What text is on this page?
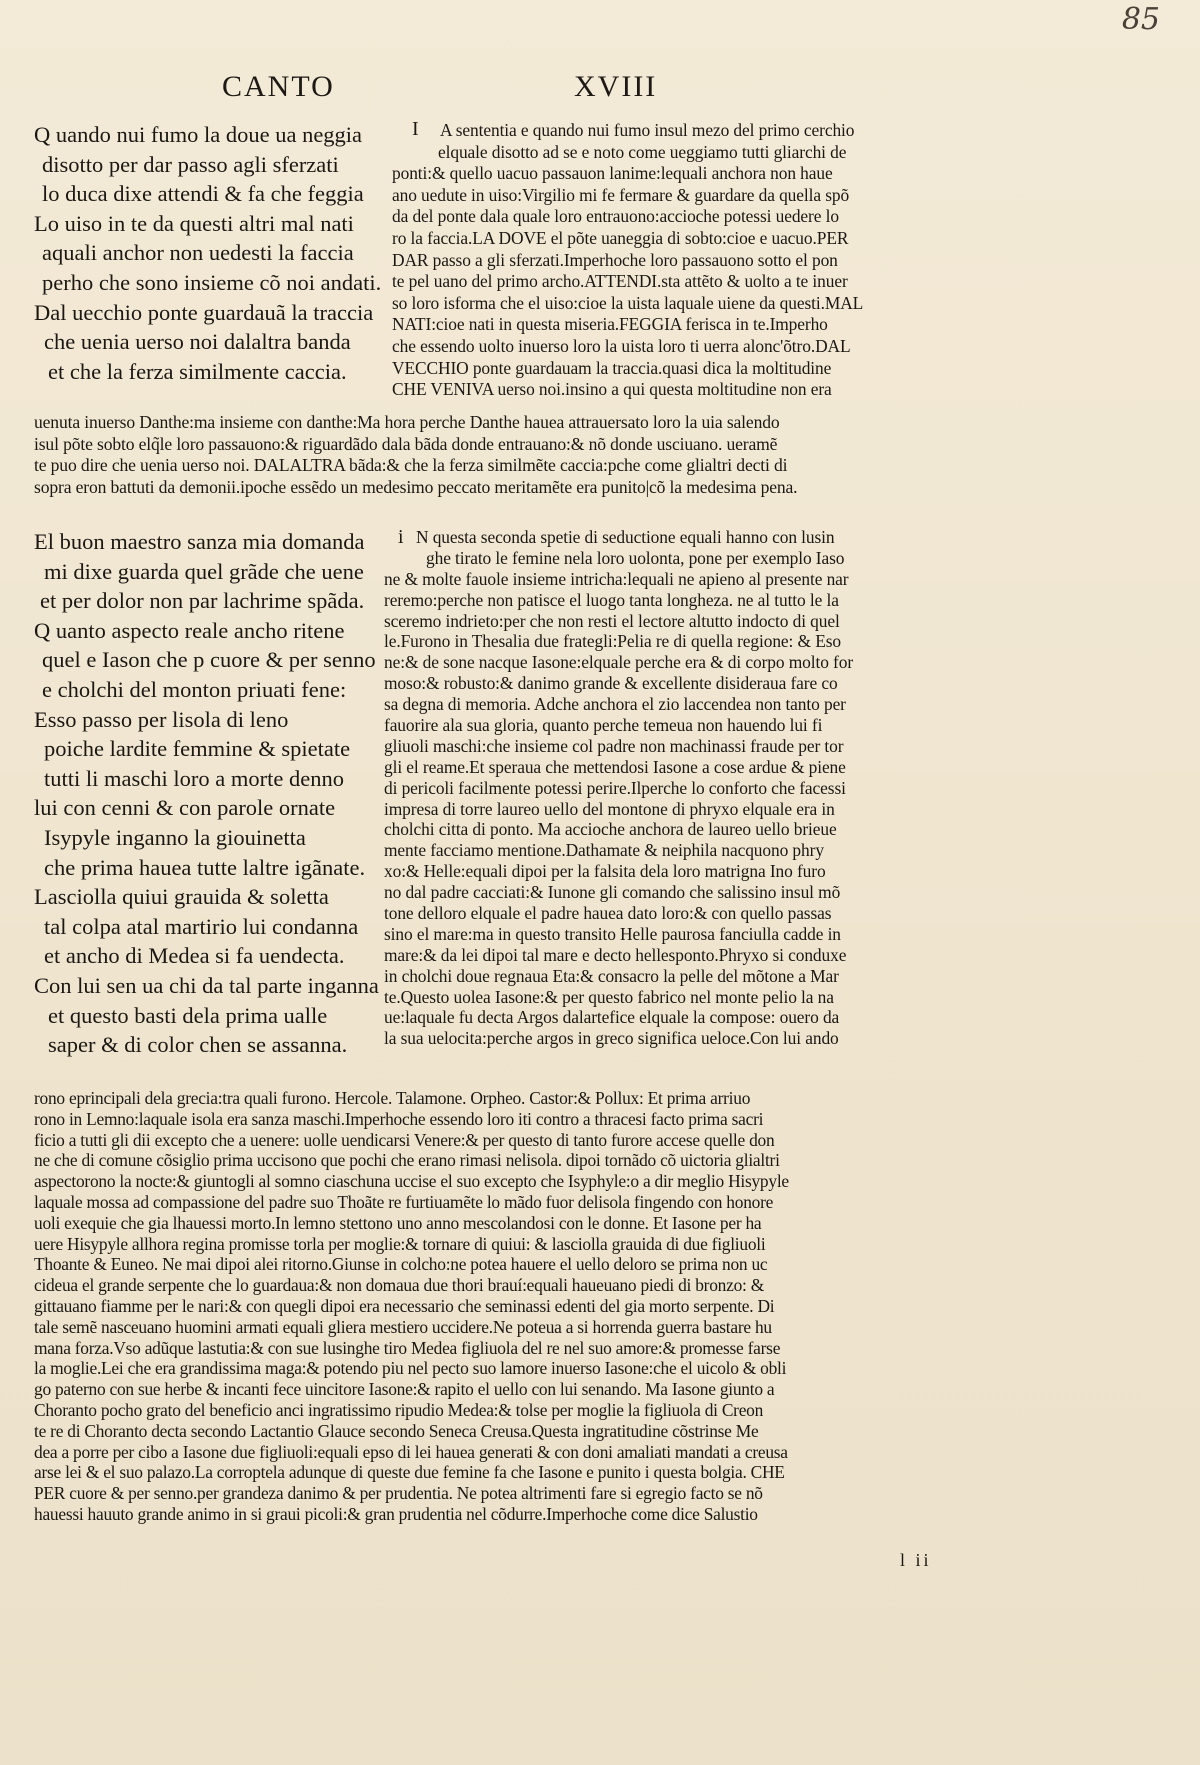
85
CANTO	XVIII
I
Q uando nui fumo la doue ua neggia
disotto per dar passo agli sferzati
lo duca dixe attendi & fa che feggia
Lo uiso in te da questi altri mal nati
aquali anchor non uedesti la faccia
perho che sono insieme cõ noi andati.
Dal uecchio ponte guardauã la traccia
che uenia uerso noi dalaltra banda
et che la ferza similmente caccia.
A sententia e quando nui fumo insul mezo del primo cerchio
elquale disotto ad se e noto come ueggiamo tutti gliarchi de
ponti:& quello uacuo passauon lanime:lequali anchora non haue
ano uedute in uiso:Virgilio mi fe fermare & guardare da quella spõ
da del ponte dala quale loro entrauono:accioche potessi uedere lo
ro la faccia.LA DOVE el põte uaneggia di sobto:cioe e uacuo.PER
DAR passo a gli sferzati.Imperhoche loro passauono sotto el pon
te pel uano del primo archo.ATTENDI.sta attẽto & uolto a te inuer
so loro isforma che el uiso:cioe la uista laquale uiene da questi.MAL
NATI:cioe nati in questa miseria.FEGGIA ferisca in te.Imperho
che essendo uolto inuerso loro la uista loro ti uerra alonc'õtro.DAL
VECCHIO ponte guardauam la traccia.quasi dica la moltitudine
CHE VENIVA uerso noi.insino a qui questa moltitudine non era
uenuta inuerso Danthe:ma insieme con danthe:Ma hora perche Danthe hauea attrauersato loro la uia salendo
isul põte sobto elq̃le loro passauono:& riguardãdo dala bãda donde entrauano:& nõ donde usciuano. ueramẽ
te puo dire che uenia uerso noi. DALALTRA bãda:& che la ferza similmẽte caccia:pche come glialtri decti di
sopra eron battuti da demonii.ipoche essẽdo un medesimo peccato meritamẽte era punito|cõ la medesima pena.
i
El buon maestro sanza mia domanda
mi dixe guarda quel grãde che uene
et per dolor non par lachrime spãda.
Q uanto aspecto reale ancho ritene
quel e Iason che p cuore & per senno
e cholchi del monton priuati fene:
Esso passo per lisola di leno
poiche lardite femmine & spietate
tutti li maschi loro a morte denno
lui con cenni & con parole ornate
Isypyle inganno la giouinetta
che prima hauea tutte laltre igãnate.
Lasciolla quiui grauida & soletta
tal colpa atal martirio lui condanna
et ancho di Medea si fa uendecta.
Con lui sen ua chi da tal parte inganna
et questo basti dela prima ualle
saper & di color chen se assanna.
N questa seconda spetie di seductione equali hanno con lusin
ghe tirato le femine nela loro uolonta, pone per exemplo Iaso
ne & molte fauole insieme intricha:lequali ne apieno al presente nar
reremo:perche non patisce el luogo tanta longheza. ne al tutto le la
sceremo indrieto:per che non resti el lectore altutto indocto di quel
le.Furono in Thesalia due frategli:Pelia re di quella regione: & Eso
ne:& de sone nacque Iasone:elquale perche era & di corpo molto for
moso:& robusto:& danimo grande & excellente disideraua fare co
sa degna di memoria. Adche anchora el zio laccendea non tanto per
fauorire ala sua gloria, quanto perche temeua non hauendo lui fi
gliuoli maschi:che insieme col padre non machinassi fraude per tor
gli el reame.Et speraua che mettendosi Iasone a cose ardue & piene
di pericoli facilmente potessi perire.Ilperche lo conforto che facessi
impresa di torre laureo uello del montone di phryxo elquale era in
cholchi citta di ponto. Ma accioche anchora de laureo uello brieue
mente facciamo mentione.Dathamate & neiphila nacquono phry
xo:& Helle:equali dipoi per la falsita dela loro matrigna Ino furo
no dal padre cacciati:& Iunone gli comando che salissino insul mõ
tone delloro elquale el padre hauea dato loro:& con quello passas
sino el mare:ma in questo transito Helle paurosa fanciulla cadde in
mare:& da lei dipoi tal mare e decto hellesponto.Phryxo si conduxe
in cholchi doue regnaua Eta:& consacro la pelle del mõtone a Mar
te.Questo uolea Iasone:& per questo fabrico nel monte pelio la na
ue:laquale fu decta Argos dalartefice elquale la compose: ouero da
la sua uelocita:perche argos in greco significa ueloce.Con lui ando
rono eprincipali dela grecia:tra quali furono. Hercole. Talamone. Orpheo. Castor:& Pollux: Et prima arriuo
rono in Lemno:laquale isola era sanza maschi.Imperhoche essendo loro iti contro a thracesi facto prima sacri
ficio a tutti gli dii excepto che a uenere: uolle uendicarsi Venere:& per questo di tanto furore accese quelle don
ne che di comune cõsiglio prima uccisono que pochi che erano rimasi nelisola. dipoi tornãdo cõ uictoria glialtri
aspectorono la nocte:& giuntogli al somno ciaschuna uccise el suo excepto che Isyphyle:o a dir meglio Hisypyle
laquale mossa ad compassione del padre suo Thoãte re furtiuamẽte lo mãdo fuor delisola fingendo con honore
uoli exequie che gia lhauessi morto.In lemno stettono uno anno mescolandosi con le donne. Et Iasone per ha
uere Hisypyle allhora regina promisse torla per moglie:& tornare di quiui: & lasciolla grauida di due figliuoli
Thoante & Euneo. Ne mai dipoi alei ritorno.Giunse in colcho:ne potea hauere el uello deloro se prima non uc
cideua el grande serpente che lo guardaua:& non domaua due thori brauí:equali haueuano piedi di bronzo: &
gittauano fiamme per le nari:& con quegli dipoi era necessario che seminassi edenti del gia morto serpente. Di
tale semẽ nasceuano huomini armati equali gliera mestiero uccidere.Ne poteua a si horrenda guerra bastare hu
mana forza.Vso adũque lastutia:& con sue lusinghe tiro Medea figliuola del re nel suo amore:& promesse farse
la moglie.Lei che era grandissima maga:& potendo piu nel pecto suo lamore inuerso Iasone:che el uicolo & obli
go paterno con sue herbe & incanti fece uincitore Iasone:& rapito el uello con lui senando. Ma Iasone giunto a
Choranto pocho grato del beneficio anci ingratissimo ripudio Medea:& tolse per moglie la figliuola di Creon
te re di Choranto decta secondo Lactantio Glauce secondo Seneca Creusa.Questa ingratitudine cõstrinse Me
dea a porre per cibo a Iasone due figliuoli:equali epso di lei hauea generati & con doni amaliati mandati a creusa
arse lei & el suo palazo.La corroptela adunque di queste due femine fa che Iasone e punito i questa bolgia. CHE
PER cuore & per senno.per grandeza danimo & per prudentia. Ne potea altrimenti fare si egregio facto se nõ
hauessi hauuto grande animo in si graui picoli:& gran prudentia nel cõdurre.Imperhoche come dice Salustio
l ii
